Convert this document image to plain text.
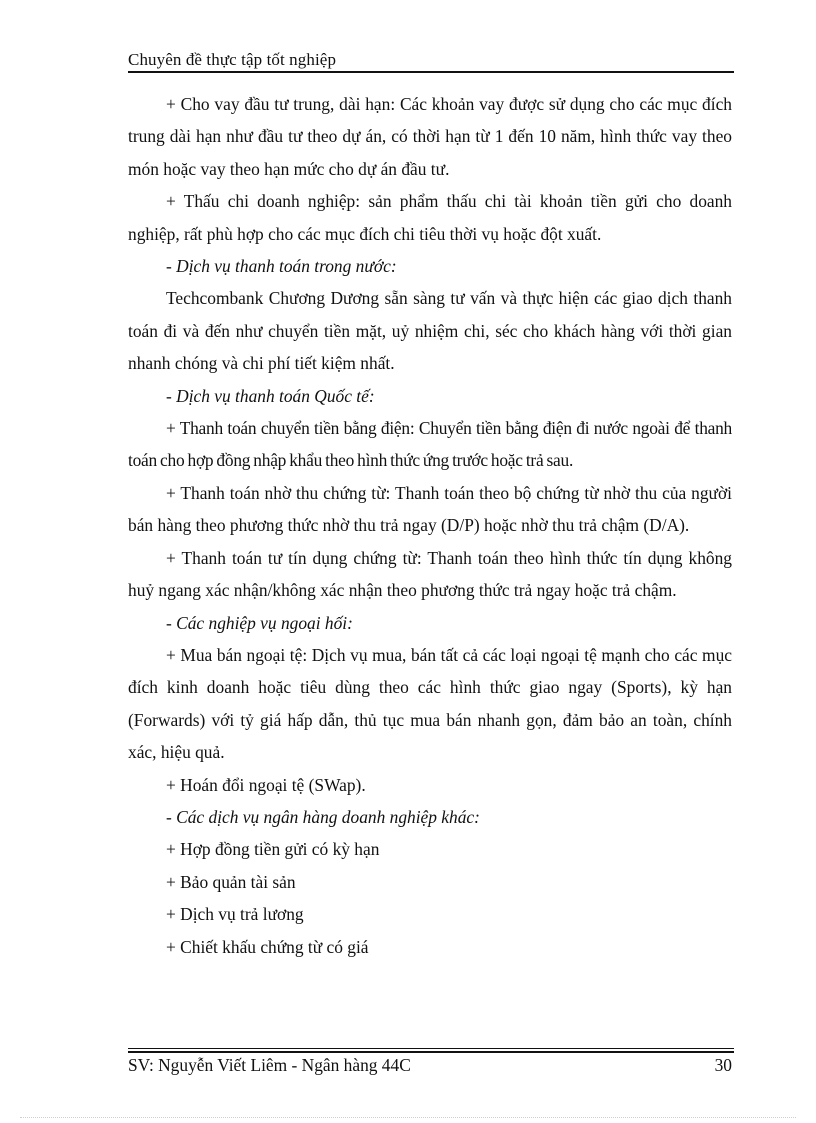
Chuyên đề thực tập tốt nghiệp

+ Cho vay đầu tư trung, dài hạn: Các khoản vay được sử dụng cho các mục đích trung dài hạn như đầu tư theo dự án, có thời hạn từ 1 đến 10 năm, hình thức vay theo món hoặc vay theo hạn mức cho dự án đầu tư.

+ Thấu chi doanh nghiệp: sản phẩm thấu chi tài khoản tiền gửi cho doanh nghiệp, rất phù hợp cho các mục đích chi tiêu thời vụ hoặc đột xuất.

- Dịch vụ thanh toán trong nước:

Techcombank Chương Dương sẵn sàng tư vấn và thực hiện các giao dịch thanh toán đi và đến như chuyển tiền mặt, uỷ nhiệm chi, séc cho khách hàng với thời gian nhanh chóng và chi phí tiết kiệm nhất.

- Dịch vụ thanh toán Quốc tế:

+ Thanh toán chuyển tiền bằng điện: Chuyển tiền bằng điện đi nước ngoài để thanh toán cho hợp đồng nhập khẩu theo hình thức ứng trước hoặc trả sau.

+ Thanh toán nhờ thu chứng từ: Thanh toán theo bộ chứng từ nhờ thu của người bán hàng theo phương thức nhờ thu trả ngay (D/P) hoặc nhờ thu trả chậm (D/A).

+ Thanh toán tư tín dụng chứng từ: Thanh toán theo hình thức tín dụng không huỷ ngang xác nhận/không xác nhận theo phương thức trả ngay hoặc trả chậm.

- Các nghiệp vụ ngoại hối:

+ Mua bán ngoại tệ: Dịch vụ mua, bán tất cả các loại ngoại tệ mạnh cho các mục đích kinh doanh hoặc tiêu dùng theo các hình thức giao ngay (Sports), kỳ hạn (Forwards) với tỷ giá hấp dẫn, thủ tục mua bán nhanh gọn, đảm bảo an toàn, chính xác, hiệu quả.

+ Hoán đổi ngoại tệ (SWap).

- Các dịch vụ ngân hàng doanh nghiệp khác:

+ Hợp đồng tiền gửi có kỳ hạn

+ Bảo quản tài sản

+ Dịch vụ trả lương

+ Chiết khấu chứng từ có giá

SV: Nguyễn Viết Liêm - Ngân hàng 44C	30
